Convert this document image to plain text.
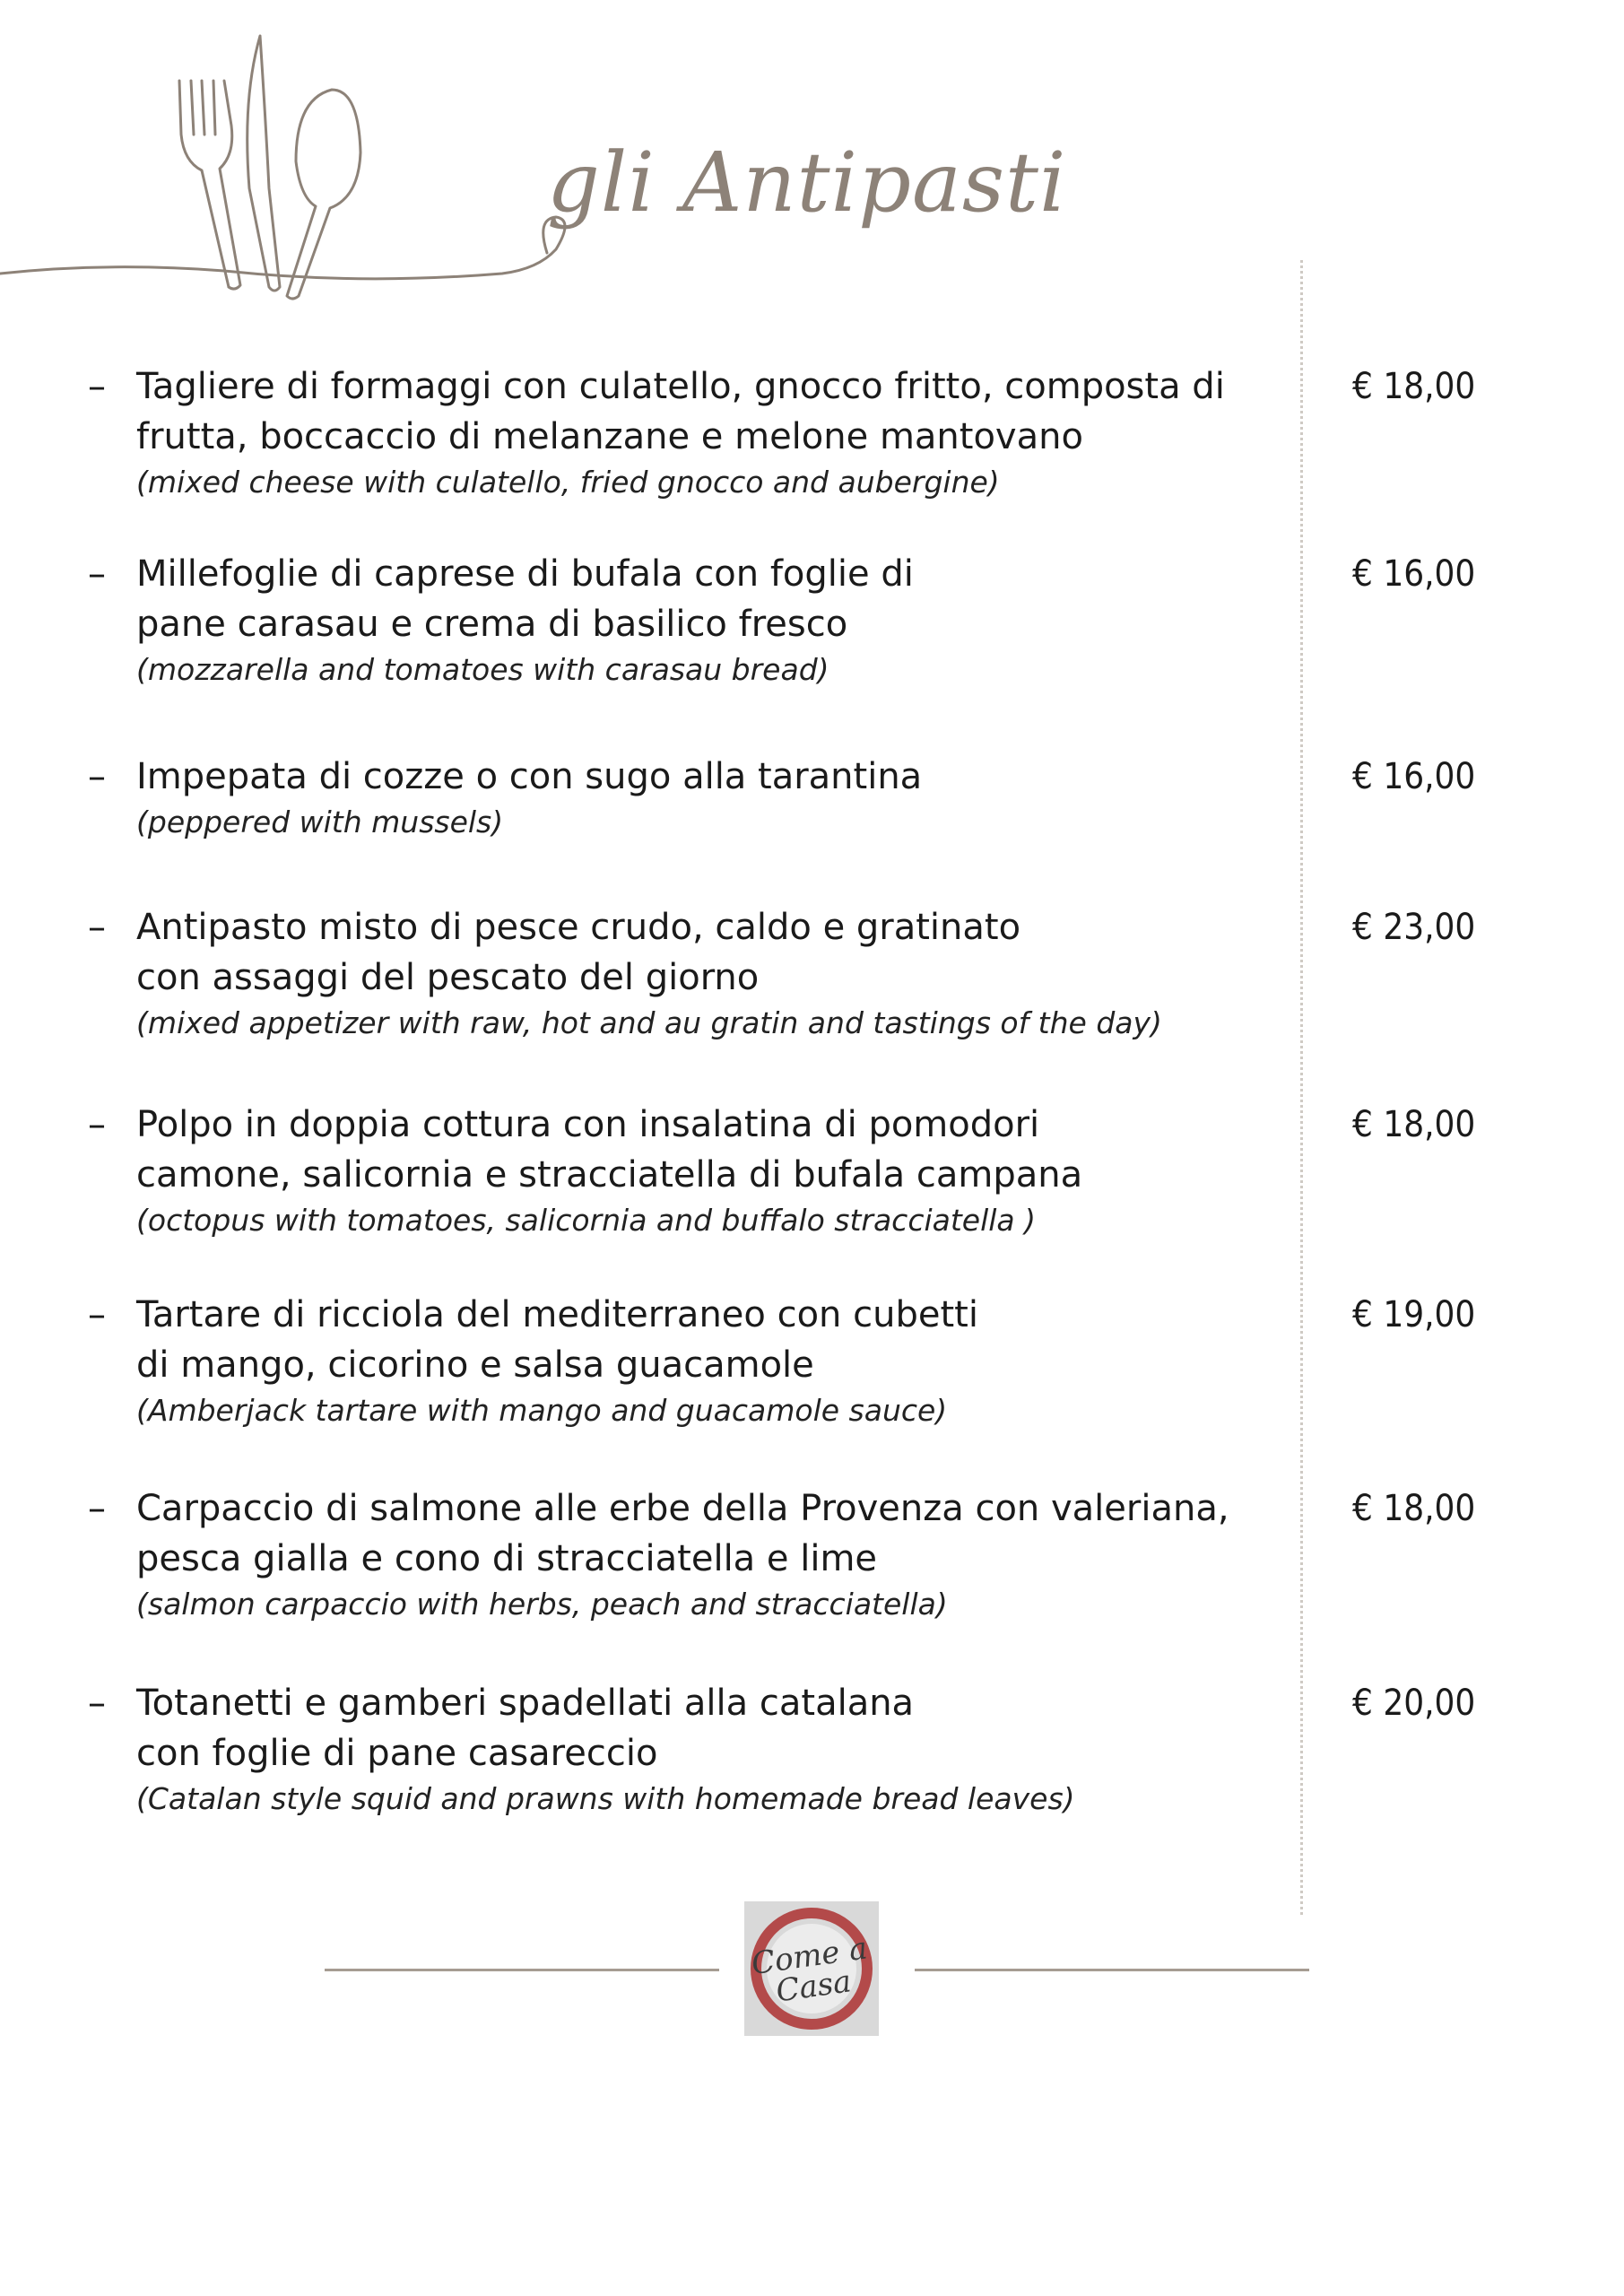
gli Antipasti
– Tagliere di formaggi con culatello, gnocco fritto, composta di
frutta, boccaccio di melanzane e melone mantovano
(mixed cheese with culatello, fried gnocco and aubergine)
€ 18,00
– Millefoglie di caprese di bufala con foglie di
pane carasau e crema di basilico fresco
(mozzarella and tomatoes with carasau bread)
€ 16,00
– Impepata di cozze o con sugo alla tarantina
(peppered with mussels)
€ 16,00
– Antipasto misto di pesce crudo, caldo e gratinato
con assaggi del pescato del giorno
(mixed appetizer with raw, hot and au gratin and tastings of the day)
€ 23,00
– Polpo in doppia cottura con insalatina di pomodori
camone, salicornia e stracciatella di bufala campana
(octopus with tomatoes, salicornia and buffalo stracciatella )
€ 18,00
– Tartare di ricciola del mediterraneo con cubetti
di mango, cicorino e salsa guacamole
(Amberjack tartare with mango and guacamole sauce)
€ 19,00
– Carpaccio di salmone alle erbe della Provenza con valeriana,
pesca gialla e cono di stracciatella e lime
(salmon carpaccio with herbs, peach and stracciatella)
€ 18,00
– Totanetti e gamberi spadellati alla catalana
con foglie di pane casareccio
(Catalan style squid and prawns with homemade bread leaves)
€ 20,00
Come a Casa
